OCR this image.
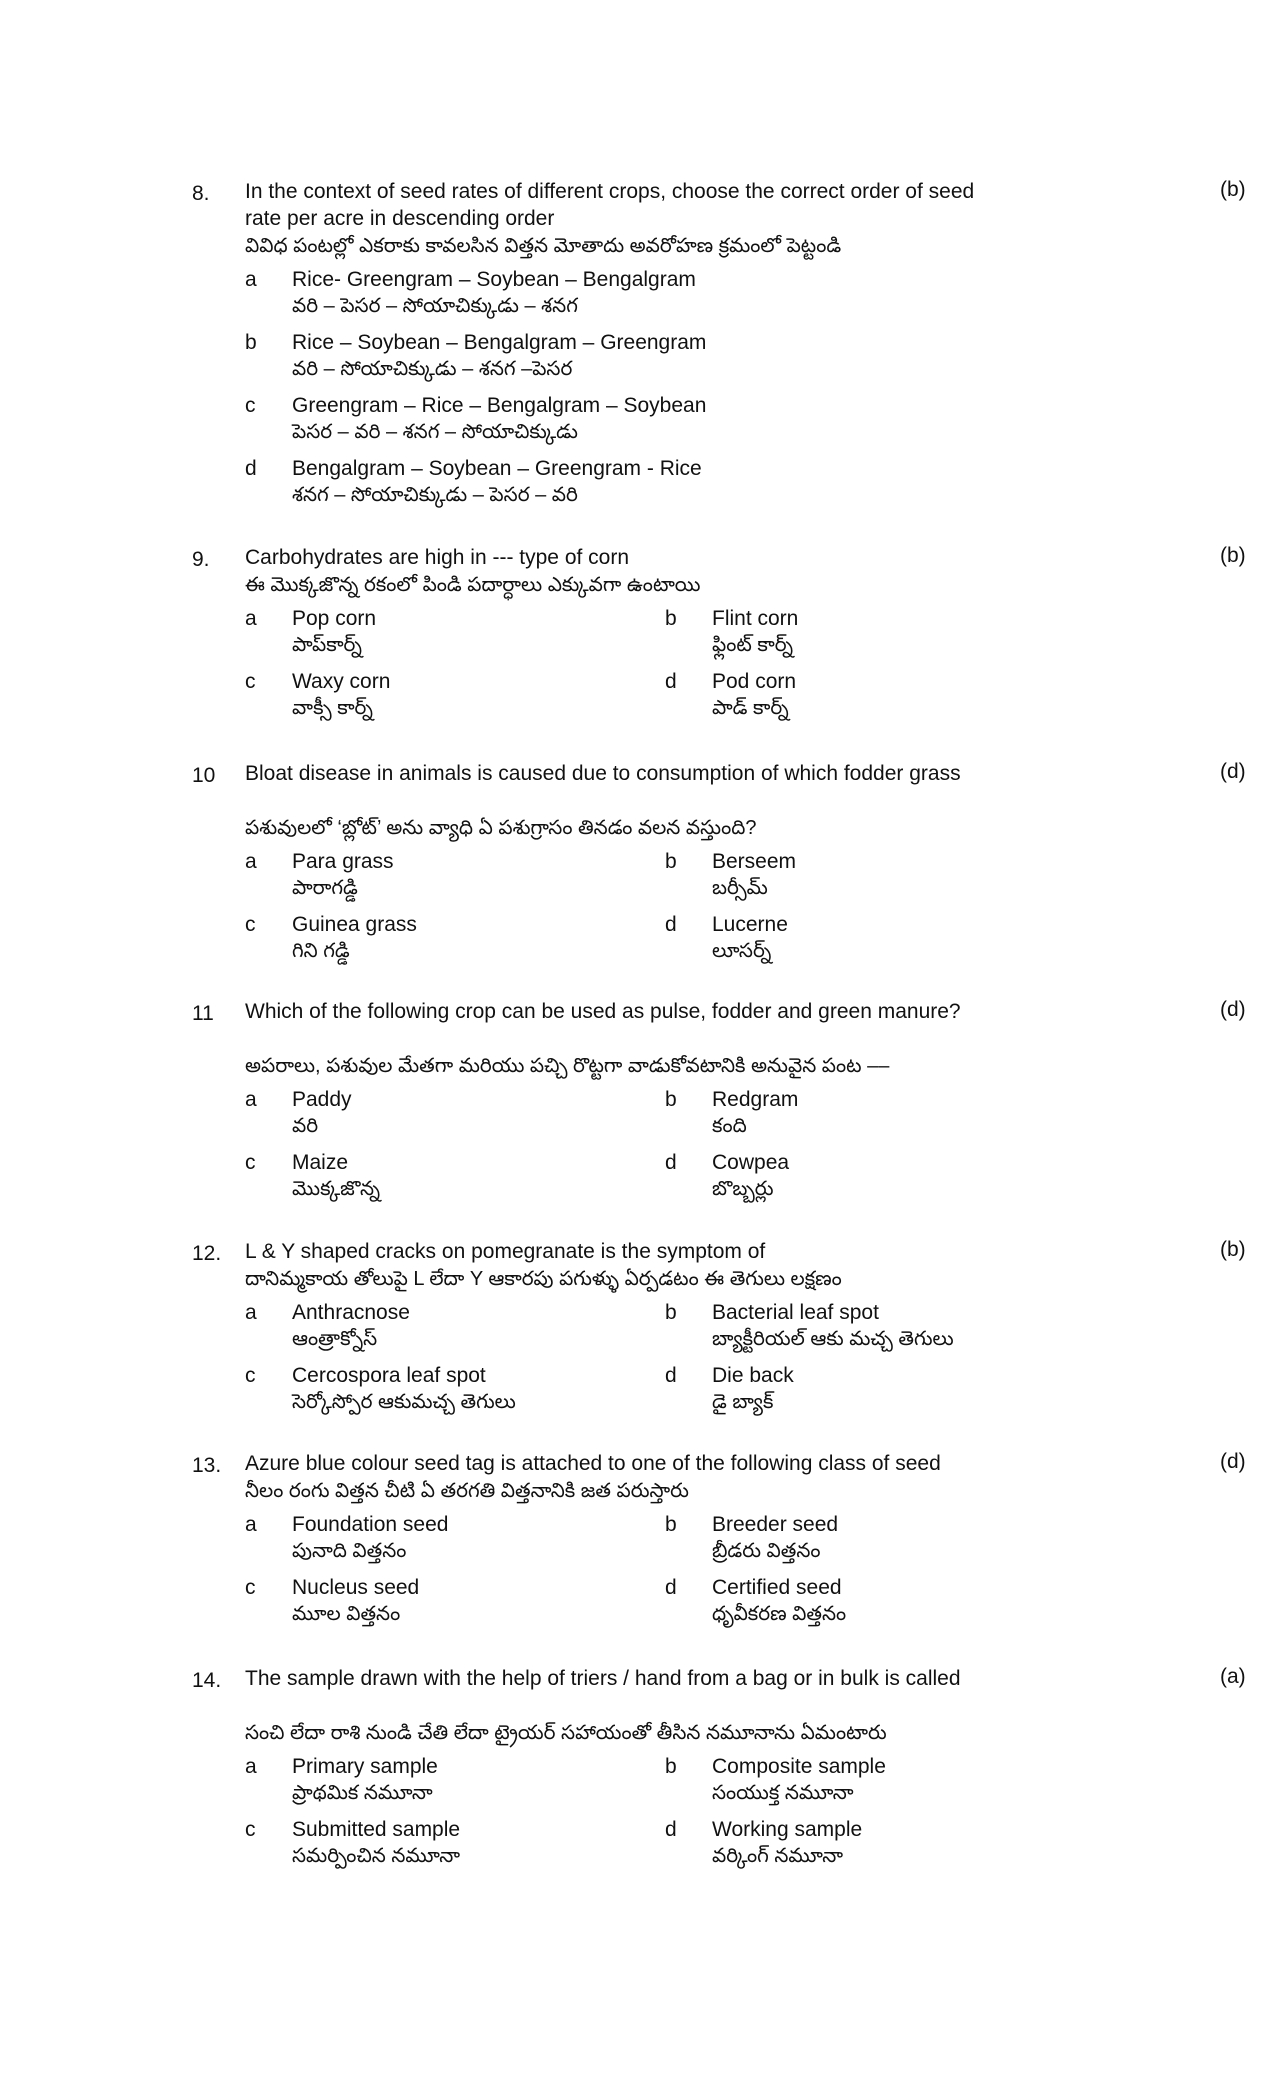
8.	(b)
In the context of seed rates of different crops, choose the correct order of seed rate per acre in descending order
వివిధ పంటల్లో ఎకరాకు కావలసిన విత్తన మోతాదు అవరోహణ క్రమంలో పెట్టండి
a Rice- Greengram – Soybean – Bengalgram
వరి – పెసర – సోయాచిక్కుడు – శనగ
b Rice – Soybean – Bengalgram – Greengram
వరి – సోయాచిక్కుడు – శనగ –పెసర
c Greengram – Rice – Bengalgram – Soybean
పెసర – వరి – శనగ – సోయాచిక్కుడు
d Bengalgram – Soybean – Greengram - Rice
శనగ – సోయాచిక్కుడు – పెసర – వరి
9.	(b)
Carbohydrates are high in --- type of corn
ఈ మొక్కజొన్న రకంలో పిండి పదార్ధాలు ఎక్కువగా ఉంటాయి
a Pop corn
పాప్‌కార్న్
b Flint corn
ఫ్లింట్ కార్న్
c Waxy corn
వాక్సీ కార్న్
d Pod corn
పాడ్ కార్న్
10	(d)
Bloat disease in animals is caused due to consumption of which fodder grass
పశువులలో ‘బ్లోట్’ అను వ్యాధి ఏ పశుగ్రాసం తినడం వలన వస్తుంది?
a Para grass
పారాగడ్డి
b Berseem
బర్సీమ్
c Guinea grass
గిని గడ్డి
d Lucerne
లూసర్న్
11	(d)
Which of the following crop can be used as pulse, fodder and green manure?
అపరాలు, పశువుల మేతగా మరియు పచ్చి రొట్టగా వాడుకోవటానికి అనువైన పంట ––
a Paddy
వరి
b Redgram
కంది
c Maize
మొక్కజొన్న
d Cowpea
బొబ్బర్లు
12.	(b)
L & Y shaped cracks on pomegranate is the symptom of
దానిమ్మకాయ తోలుపై L లేదా Y ఆకారపు పగుళ్ళు ఏర్పడటం ఈ తెగులు లక్షణం
a Anthracnose
ఆంత్రాక్నోస్
b Bacterial leaf spot
బ్యాక్టీరియల్ ఆకు మచ్చ తెగులు
c Cercospora leaf spot
సెర్కోస్పోర ఆకుమచ్చ తెగులు
d Die back
డై బ్యాక్
13.	(d)
Azure blue colour seed tag is attached to one of the following class of seed
నీలం రంగు విత్తన చీటి ఏ తరగతి విత్తనానికి జత పరుస్తారు
a Foundation seed
పునాది విత్తనం
b Breeder seed
బ్రీడరు విత్తనం
c Nucleus seed
మూల విత్తనం
d Certified seed
ధృవీకరణ విత్తనం
14.	(a)
The sample drawn with the help of triers / hand from a bag or in bulk is called
సంచి లేదా రాశి నుండి చేతి లేదా ట్రైయర్ సహాయంతో తీసిన నమూనాను ఏమంటారు
a Primary sample
ప్రాథమిక నమూనా
b Composite sample
సంయుక్త నమూనా
c Submitted sample
సమర్పించిన నమూనా
d Working sample
వర్కింగ్ నమూనా
